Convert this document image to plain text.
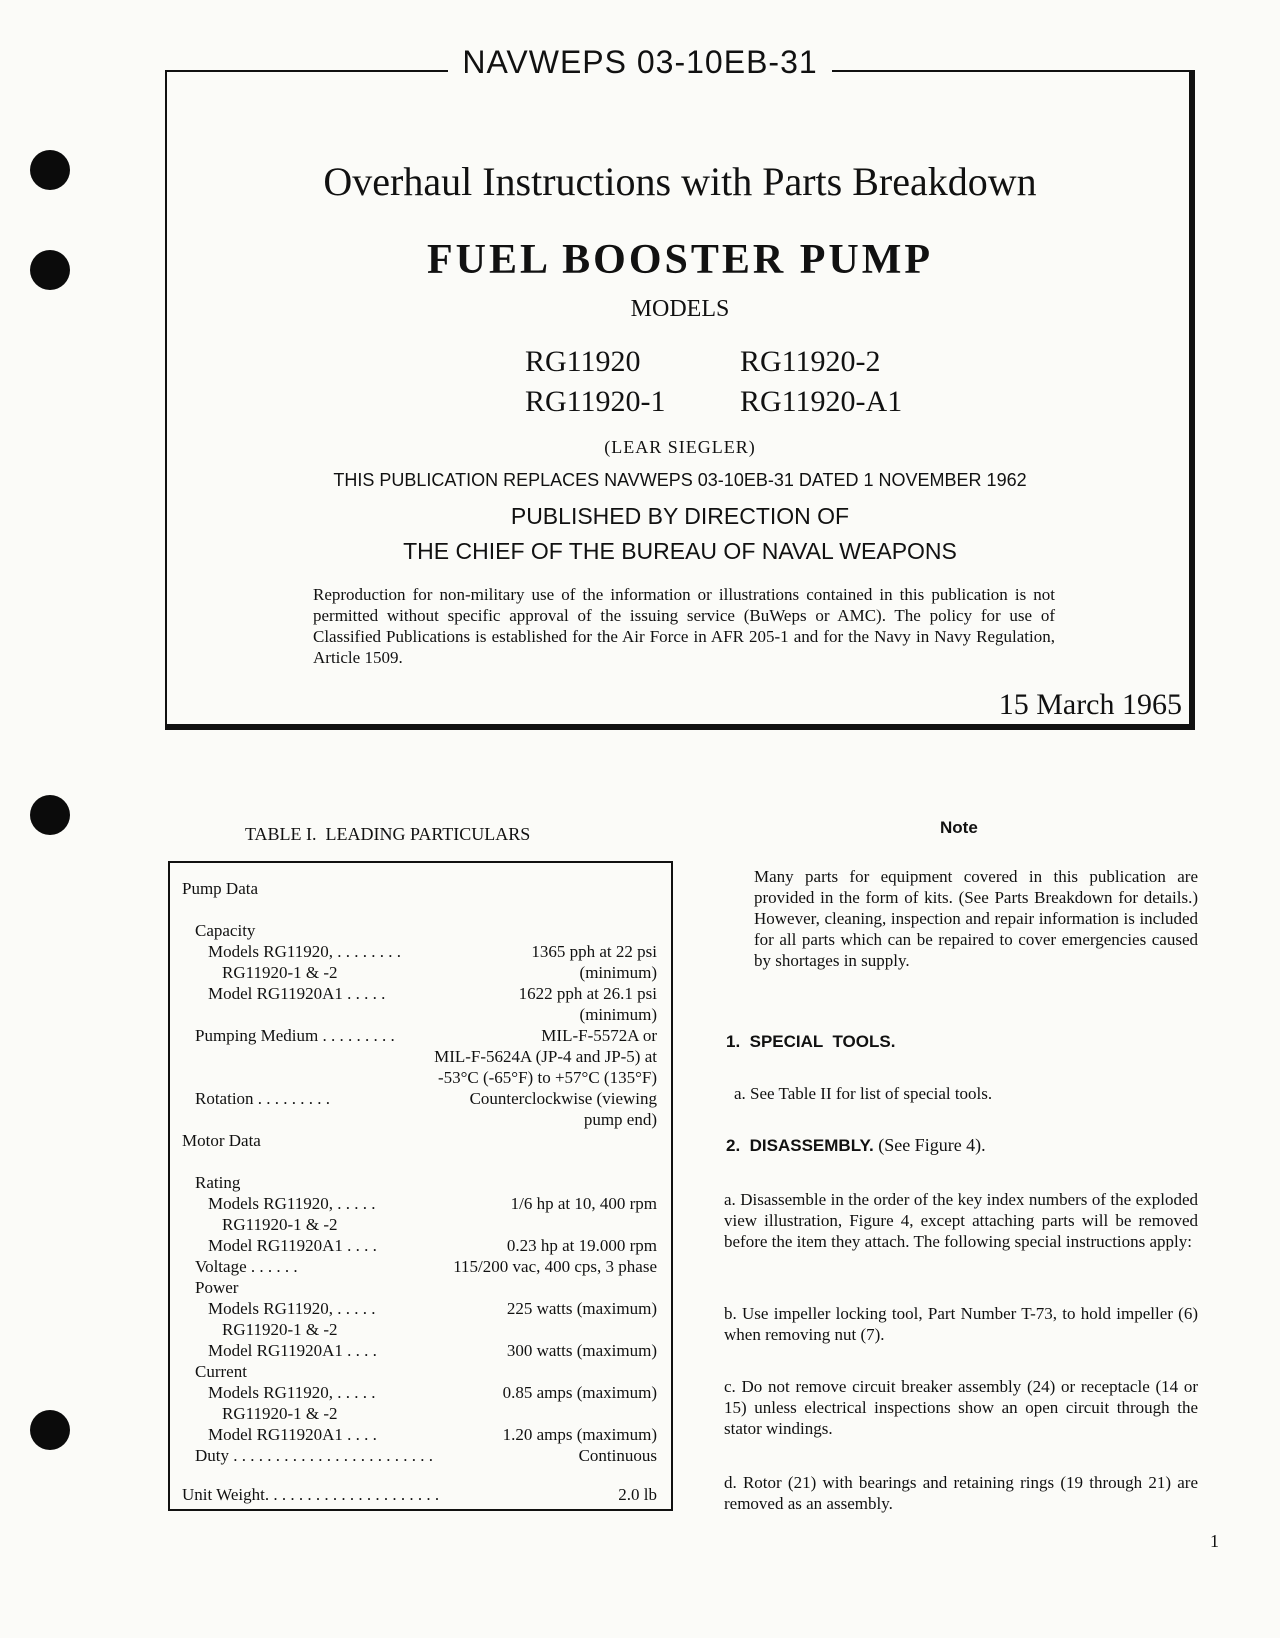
NAVWEPS 03-10EB-31
Overhaul Instructions with Parts Breakdown
FUEL BOOSTER PUMP
MODELS
RG11920	RG11920-2
RG11920-1 RG11920-A1
(LEAR SIEGLER)
THIS PUBLICATION REPLACES NAVWEPS 03-10EB-31 DATED 1 NOVEMBER 1962
PUBLISHED BY DIRECTION OF
THE CHIEF OF THE BUREAU OF NAVAL WEAPONS
Reproduction for non-military use of the information or illustrations contained in this publication is not permitted without specific approval of the issuing service (BuWeps or AMC). The policy for use of Classified Publications is established for the Air Force in AFR 205-1 and for the Navy in Navy Regulation, Article 1509.
15 March 1965
TABLE I.  LEADING PARTICULARS
Pump Data
Capacity
Models RG11920, . . . . . . . .	1365 pph at 22 psi
RG11920-1 & -2	(minimum)
Model RG11920A1 . . . . .	1622 pph at 26.1 psi
(minimum)
Pumping Medium . . . . . . . . .	MIL-F-5572A or
MIL-F-5624A (JP-4 and JP-5) at
-53°C (-65°F) to +57°C (135°F)
Rotation . . . . . . . . .	Counterclockwise (viewing
pump end)
Motor Data
Rating
Models RG11920, . . . . .	1/6 hp at 10, 400 rpm
RG11920-1 & -2
Model RG11920A1 . . . .	0.23 hp at 19.000 rpm
Voltage . . . . . .	115/200 vac, 400 cps, 3 phase
Power
Models RG11920, . . . . .	225 watts (maximum)
RG11920-1 & -2
Model RG11920A1 . . . .	300 watts (maximum)
Current
Models RG11920, . . . . .	0.85 amps (maximum)
RG11920-1 & -2
Model RG11920A1 . . . .	1.20 amps (maximum)
Duty . . . . . . . . . . . . . . . . . . . . . . . .	Continuous
Unit Weight. . . . . . . . . . . . . . . . . . . . .	2.0 lb
Note
Many parts for equipment covered in this publication are provided in the form of kits. (See Parts Breakdown for details.) However, cleaning, inspection and repair information is included for all parts which can be repaired to cover emergencies caused by shortages in supply.
1.  SPECIAL  TOOLS.
a. See Table II for list of special tools.
2.  DISASSEMBLY. (See Figure 4).
a. Disassemble in the order of the key index numbers of the exploded view illustration, Figure 4, except attaching parts will be removed before the item they attach. The following special instructions apply:
b. Use impeller locking tool, Part Number T-73, to hold impeller (6) when removing nut (7).
c. Do not remove circuit breaker assembly (24) or receptacle (14 or 15) unless electrical inspections show an open circuit through the stator windings.
d. Rotor (21) with bearings and retaining rings (19 through 21) are removed as an assembly.
1
